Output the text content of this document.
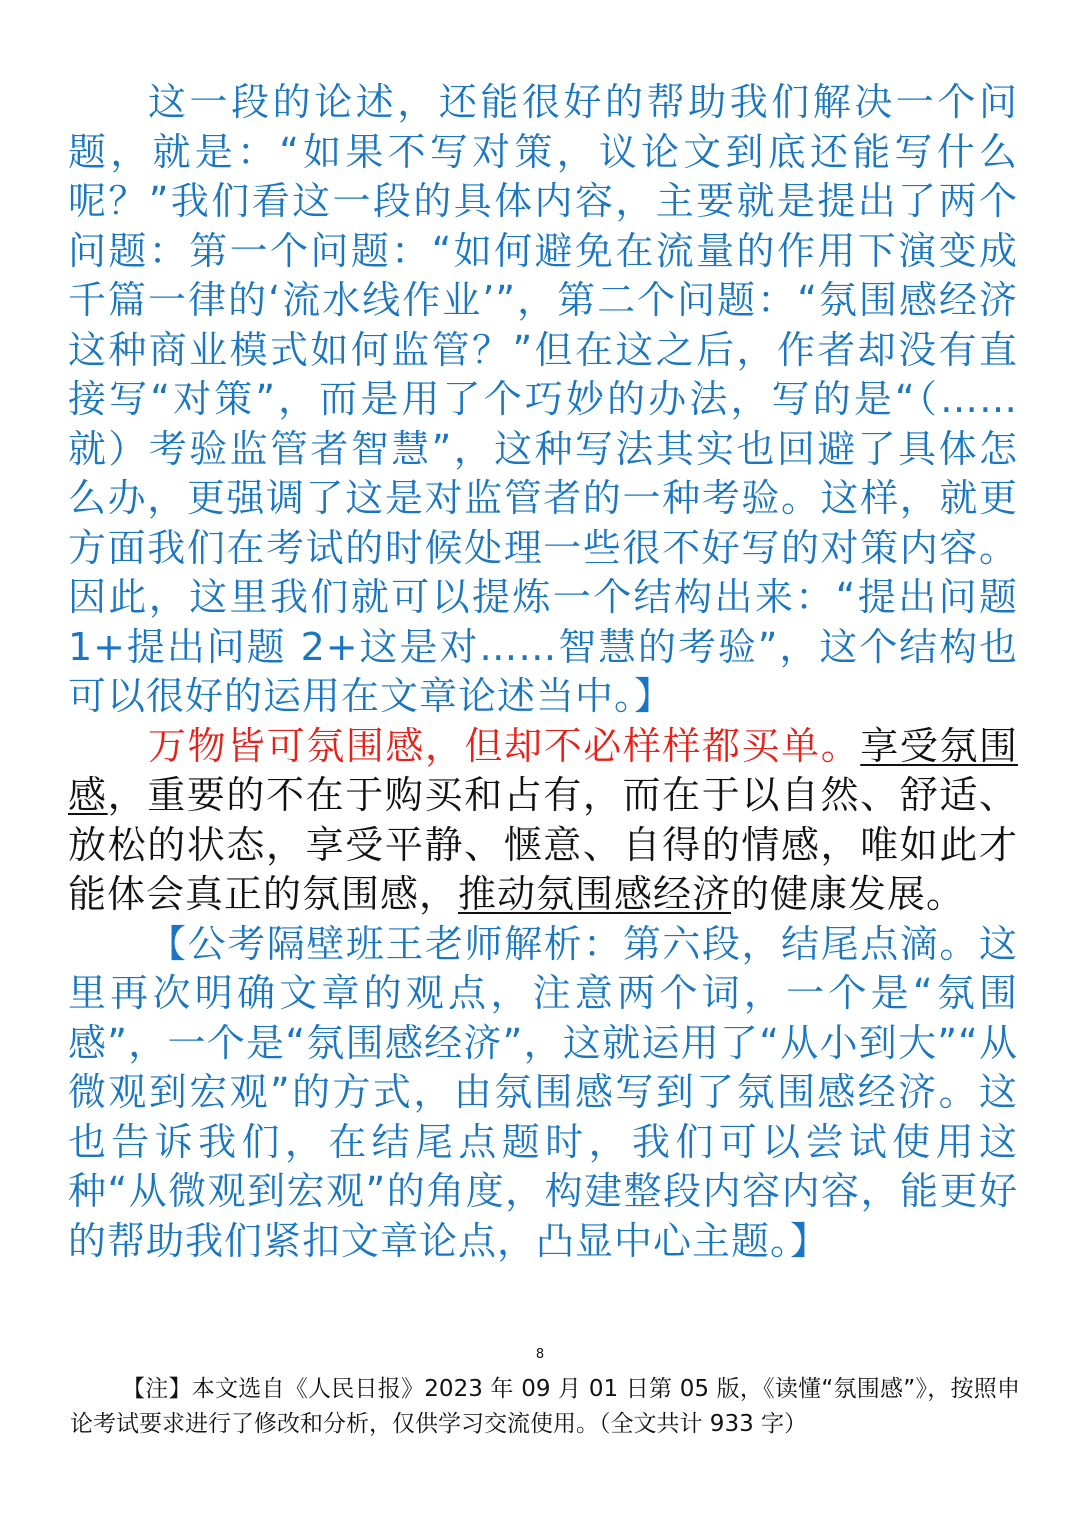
这一段的论述，还能很好的帮助我们解决一个问题，就是：“如果不写对策，议论文到底还能写什么呢？”我们看这一段的具体内容，主要就是提出了两个问题：第一个问题：“如何避免在流量的作用下演变成千篇一律的‘流水线作业’”，第二个问题：“氛围感经济这种商业模式如何监管？”但在这之后，作者却没有直接写“对策”，而是用了个巧妙的办法，写的是“（……就）考验监管者智慧”，这种写法其实也回避了具体怎么办，更强调了这是对监管者的一种考验。这样，就更方面我们在考试的时候处理一些很不好写的对策内容。因此，这里我们就可以提炼一个结构出来：“提出问题 1+提出问题 2+这是对……智慧的考验”，这个结构也可以很好的运用在文章论述当中。】

万物皆可氛围感，但却不必样样都买单。享受氛围感，重要的不在于购买和占有，而在于以自然、舒适、放松的状态，享受平静、惬意、自得的情感，唯如此才能体会真正的氛围感，推动氛围感经济的健康发展。

【公考隔壁班王老师解析：第六段，结尾点滴。这里再次明确文章的观点，注意两个词，一个是“氛围感”，一个是“氛围感经济”，这就运用了“从小到大”“从微观到宏观”的方式，由氛围感写到了氛围感经济。这也告诉我们，在结尾点题时，我们可以尝试使用这种“从微观到宏观”的角度，构建整段内容内容，能更好的帮助我们紧扣文章论点，凸显中心主题。】

8
【注】本文选自《人民日报》2023 年 09 月 01 日第 05 版，《读懂“氛围感”》，按照申论考试要求进行了修改和分析，仅供学习交流使用。（全文共计 933 字）
